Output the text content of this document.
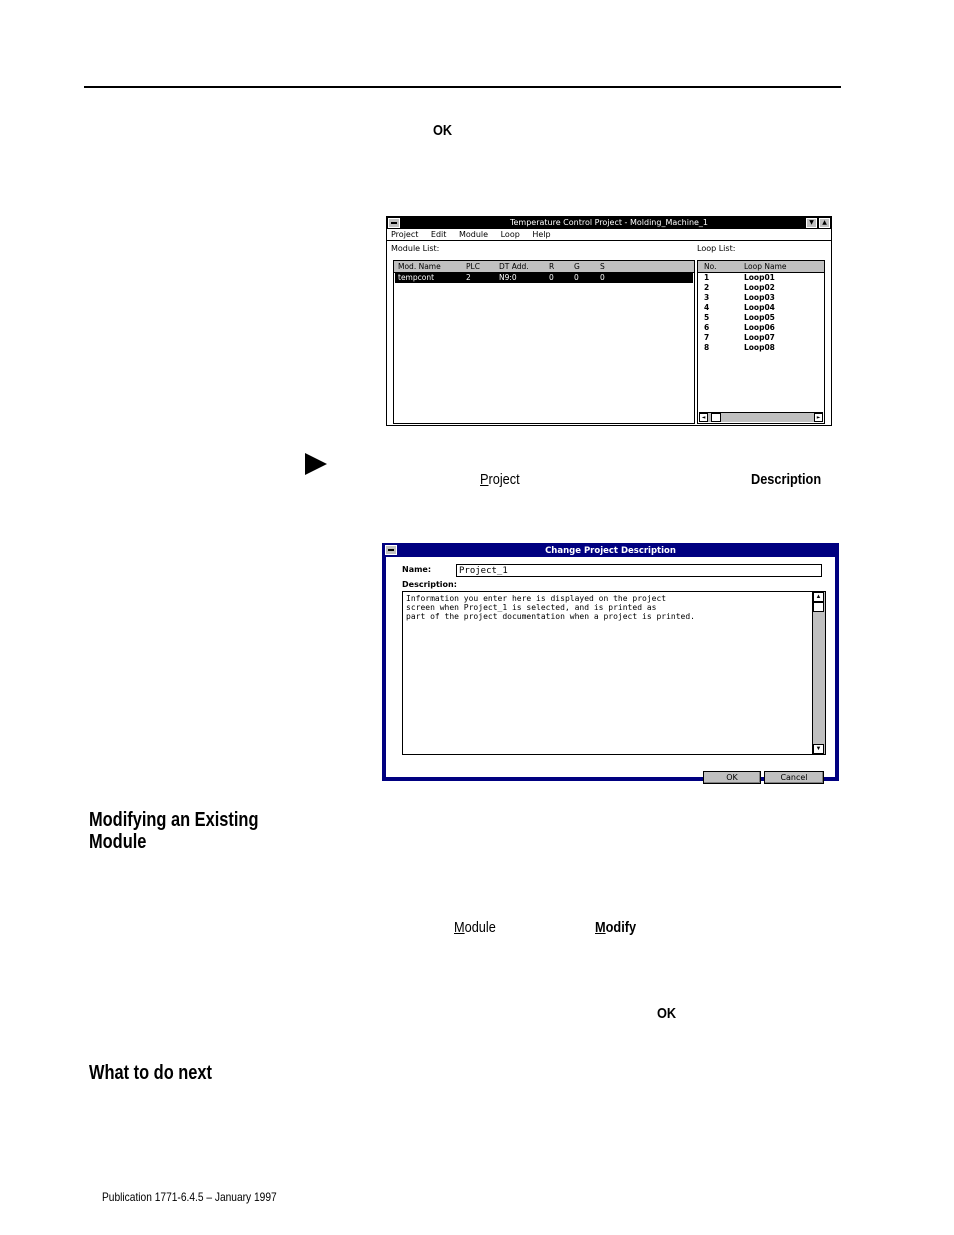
OK
Temperature Control Project - Molding_Machine_1	▼	▲
Project Edit Module Loop Help
Module List:	Loop List:
Mod. Name	PLC	DT Add.	R	G	S
tempcont	2	N9:0	0	0	0
No.	Loop Name
1	Loop01
2	Loop02
3	Loop03
4	Loop04
5	Loop05
6	Loop06
7	Loop07
8	Loop08
◄	►
Project	Description
Change Project Description
Name:	Project_1
Description:
Information you enter here is displayed on the project
screen when Project_1 is selected, and is printed as
part of the project documentation when a project is printed.
▲
▼
OK	Cancel
Modifying an Existing
Module
Module	Modify
OK
What to do next
Publication 1771-6.4.5 – January 1997
